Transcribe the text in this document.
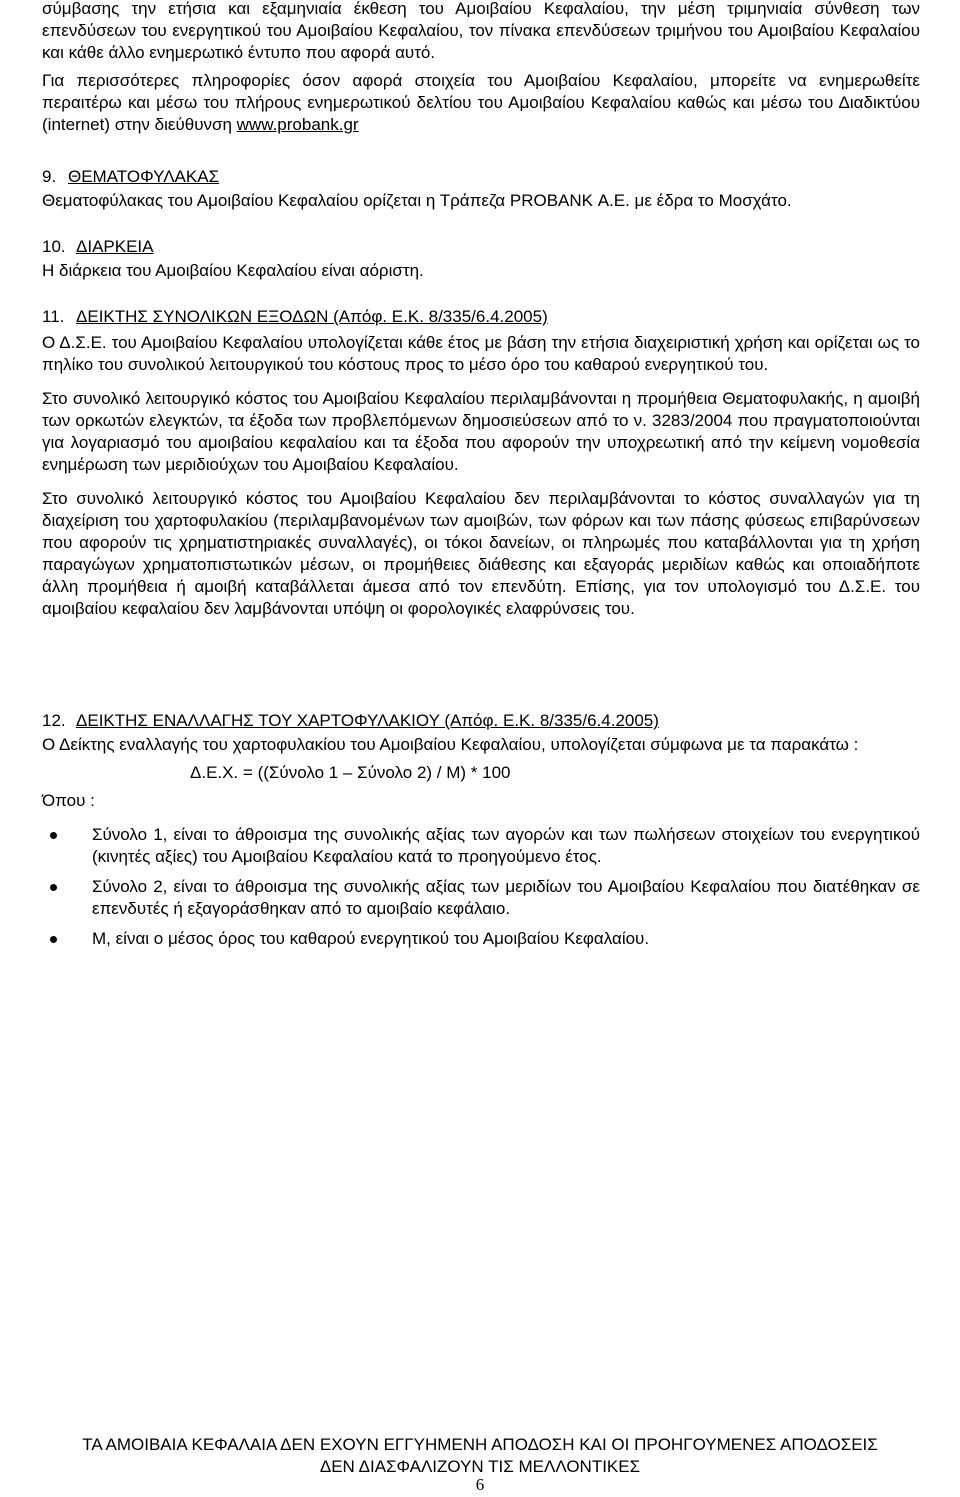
σύμβασης την ετήσια και εξαμηνιαία έκθεση του Αμοιβαίου Κεφαλαίου, την μέση τριμηνιαία σύνθεση των επενδύσεων του ενεργητικού του Αμοιβαίου Κεφαλαίου, τον πίνακα επενδύσεων τριμήνου του Αμοιβαίου Κεφαλαίου και κάθε άλλο ενημερωτικό έντυπο που αφορά αυτό.

Για περισσότερες πληροφορίες όσον αφορά στοιχεία του Αμοιβαίου Κεφαλαίου, μπορείτε να ενημερωθείτε περαιτέρω και μέσω του πλήρους ενημερωτικού δελτίου του Αμοιβαίου Κεφαλαίου καθώς και μέσω του Διαδικτύου (internet) στην διεύθυνση www.probank.gr

9. ΘΕΜΑΤΟΦΥΛΑΚΑΣ

Θεματοφύλακας του Αμοιβαίου Κεφαλαίου ορίζεται η Τράπεζα PROBANK Α.Ε. με έδρα το Μοσχάτο.

10. ΔΙΑΡΚΕΙΑ

Η διάρκεια του Αμοιβαίου Κεφαλαίου είναι αόριστη.

11. ΔΕΙΚΤΗΣ ΣΥΝΟΛΙΚΩΝ ΕΞΟΔΩΝ (Απόφ. Ε.Κ. 8/335/6.4.2005)

Ο Δ.Σ.Ε. του Αμοιβαίου Κεφαλαίου υπολογίζεται κάθε έτος με βάση την ετήσια διαχειριστική χρήση και ορίζεται ως το πηλίκο του συνολικού λειτουργικού του κόστους προς το μέσο όρο του καθαρού ενεργητικού του.

Στο συνολικό λειτουργικό κόστος του Αμοιβαίου Κεφαλαίου περιλαμβάνονται η προμήθεια Θεματοφυλακής, η αμοιβή των ορκωτών ελεγκτών, τα έξοδα των προβλεπόμενων δημοσιεύσεων από το ν. 3283/2004 που πραγματοποιούνται για λογαριασμό του αμοιβαίου κεφαλαίου και τα έξοδα που αφορούν την υποχρεωτική από την κείμενη νομοθεσία ενημέρωση των μεριδιούχων του Αμοιβαίου Κεφαλαίου.

Στο συνολικό λειτουργικό κόστος του Αμοιβαίου Κεφαλαίου δεν περιλαμβάνονται το κόστος συναλλαγών για τη διαχείριση του χαρτοφυλακίου (περιλαμβανομένων των αμοιβών, των φόρων και των πάσης φύσεως επιβαρύνσεων που αφορούν τις χρηματιστηριακές συναλλαγές), οι τόκοι δανείων, οι πληρωμές που καταβάλλονται για τη χρήση παραγώγων χρηματοπιστωτικών μέσων, οι προμήθειες διάθεσης και εξαγοράς μεριδίων καθώς και οποιαδήποτε άλλη προμήθεια ή αμοιβή καταβάλλεται άμεσα από τον επενδύτη. Επίσης, για τον υπολογισμό του Δ.Σ.Ε. του αμοιβαίου κεφαλαίου δεν λαμβάνονται υπόψη οι φορολογικές ελαφρύνσεις του.

12. ΔΕΙΚΤΗΣ ΕΝΑΛΛΑΓΗΣ ΤΟΥ ΧΑΡΤΟΦΥΛΑΚΙΟΥ (Απόφ. Ε.Κ. 8/335/6.4.2005)

Ο Δείκτης εναλλαγής του χαρτοφυλακίου του Αμοιβαίου Κεφαλαίου, υπολογίζεται σύμφωνα με τα παρακάτω :

Δ.Ε.Χ. = ((Σύνολο 1 – Σύνολο 2) / Μ) * 100

Όπου :

Σύνολο 1, είναι το άθροισμα της συνολικής αξίας των αγορών και των πωλήσεων στοιχείων του ενεργητικού (κινητές αξίες) του Αμοιβαίου Κεφαλαίου κατά το προηγούμενο έτος.
Σύνολο 2, είναι το άθροισμα της συνολικής αξίας των μεριδίων του Αμοιβαίου Κεφαλαίου που διατέθηκαν σε επενδυτές ή εξαγοράσθηκαν από το αμοιβαίο κεφάλαιο.
Μ, είναι ο μέσος όρος του καθαρού ενεργητικού του Αμοιβαίου Κεφαλαίου.
ΤΑ ΑΜΟΙΒΑΙΑ ΚΕΦΑΛΑΙΑ ΔΕΝ ΕΧΟΥΝ ΕΓΓΥΗΜΕΝΗ ΑΠΟΔΟΣΗ ΚΑΙ ΟΙ ΠΡΟΗΓΟΥΜΕΝΕΣ ΑΠΟΔΟΣΕΙΣ
ΔΕΝ ΔΙΑΣΦΑΛΙΖΟΥΝ ΤΙΣ ΜΕΛΛΟΝΤΙΚΕΣ
6
